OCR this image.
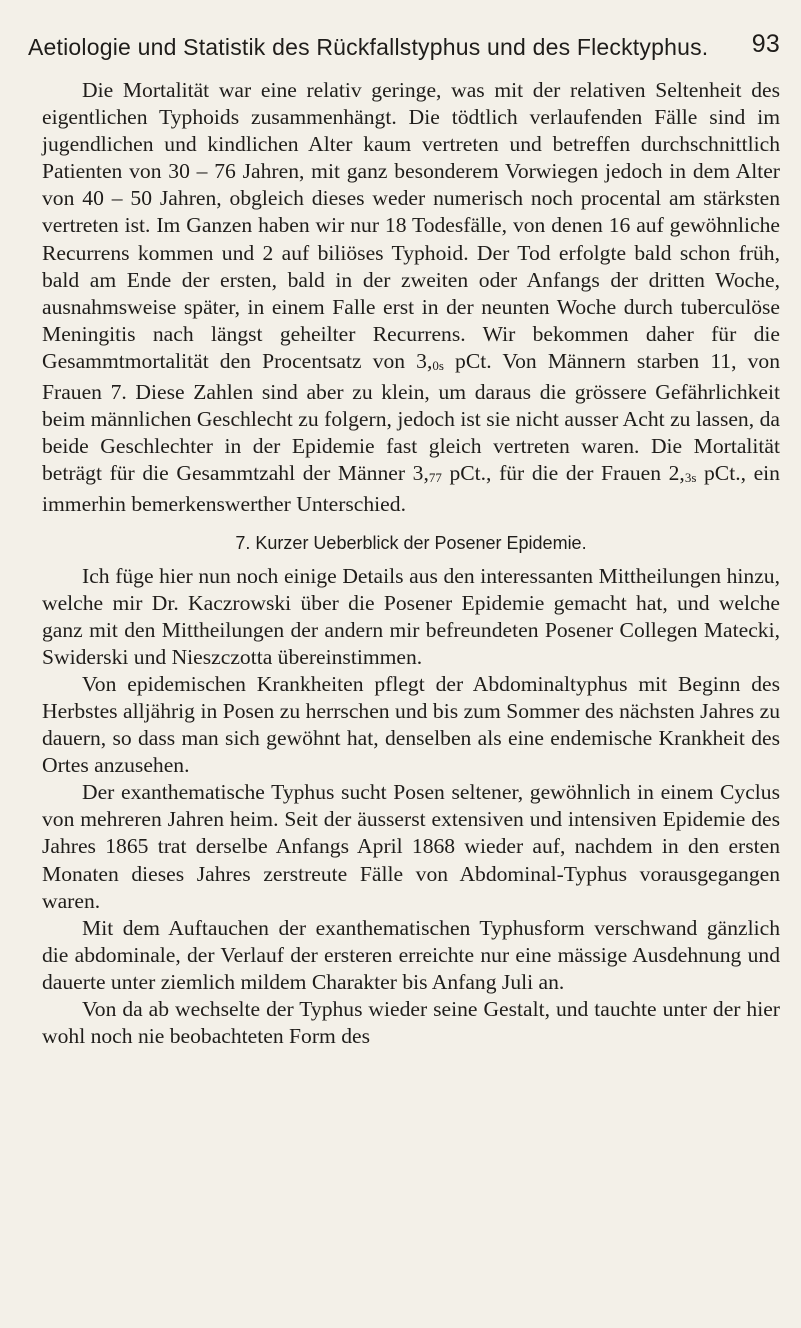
Aetiologie und Statistik des Rückfallstyphus und des Flecktyphus. 93

Die Mortalität war eine relativ geringe, was mit der relativen Seltenheit des eigentlichen Typhoids zusammenhängt. Die tödtlich verlaufenden Fälle sind im jugendlichen und kindlichen Alter kaum vertreten und betreffen durchschnittlich Patienten von 30 – 76 Jahren, mit ganz besonderem Vorwiegen jedoch in dem Alter von 40 – 50 Jahren, obgleich dieses weder numerisch noch procental am stärksten vertreten ist. Im Ganzen haben wir nur 18 Todesfälle, von denen 16 auf gewöhnliche Recurrens kommen und 2 auf biliöses Typhoid. Der Tod erfolgte bald schon früh, bald am Ende der ersten, bald in der zweiten oder Anfangs der dritten Woche, ausnahmsweise später, in einem Falle erst in der neunten Woche durch tuberculöse Meningitis nach längst geheilter Recurrens. Wir bekommen daher für die Gesammtmortalität den Procentsatz von 3,0s pCt. Von Männern starben 11, von Frauen 7. Diese Zahlen sind aber zu klein, um daraus die grössere Gefährlichkeit beim männlichen Geschlecht zu folgern, jedoch ist sie nicht ausser Acht zu lassen, da beide Geschlechter in der Epidemie fast gleich vertreten waren. Die Mortalität beträgt für die Gesammtzahl der Männer 3,77 pCt., für die der Frauen 2,3s pCt., ein immerhin bemerkenswerther Unterschied.

7. Kurzer Ueberblick der Posener Epidemie.

Ich füge hier nun noch einige Details aus den interessanten Mittheilungen hinzu, welche mir Dr. Kaczrowski über die Posener Epidemie gemacht hat, und welche ganz mit den Mittheilungen der andern mir befreundeten Posener Collegen Matecki, Swiderski und Nieszczotta übereinstimmen.

Von epidemischen Krankheiten pflegt der Abdominaltyphus mit Beginn des Herbstes alljährig in Posen zu herrschen und bis zum Sommer des nächsten Jahres zu dauern, so dass man sich gewöhnt hat, denselben als eine endemische Krankheit des Ortes anzusehen.

Der exanthematische Typhus sucht Posen seltener, gewöhnlich in einem Cyclus von mehreren Jahren heim. Seit der äusserst extensiven und intensiven Epidemie des Jahres 1865 trat derselbe Anfangs April 1868 wieder auf, nachdem in den ersten Monaten dieses Jahres zerstreute Fälle von Abdominal-Typhus vorausgegangen waren.

Mit dem Auftauchen der exanthematischen Typhusform verschwand gänzlich die abdominale, der Verlauf der ersteren erreichte nur eine mässige Ausdehnung und dauerte unter ziemlich mildem Charakter bis Anfang Juli an.

Von da ab wechselte der Typhus wieder seine Gestalt, und tauchte unter der hier wohl noch nie beobachteten Form des
